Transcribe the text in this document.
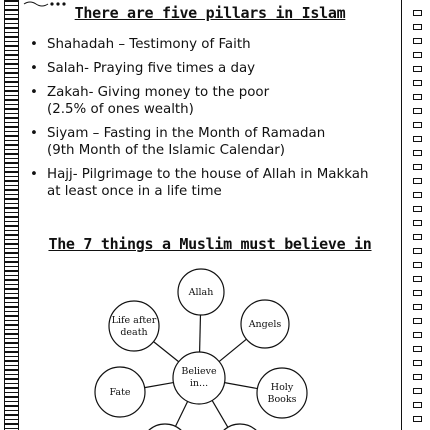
There are five pillars in Islam
• Shahadah – Testimony of Faith
• Salah- Praying five times a day
• Zakah- Giving money to the poor
(2.5% of ones wealth)
• Siyam – Fasting in the Month of Ramadan
(9th Month of the Islamic Calendar)
• Hajj- Pilgrimage to the house of Allah in Makkah
at least once in a life time
The 7 things a Muslim must believe in
Believe
in...
Allah
Angels
Holy
Books
Life after
death
Fate
